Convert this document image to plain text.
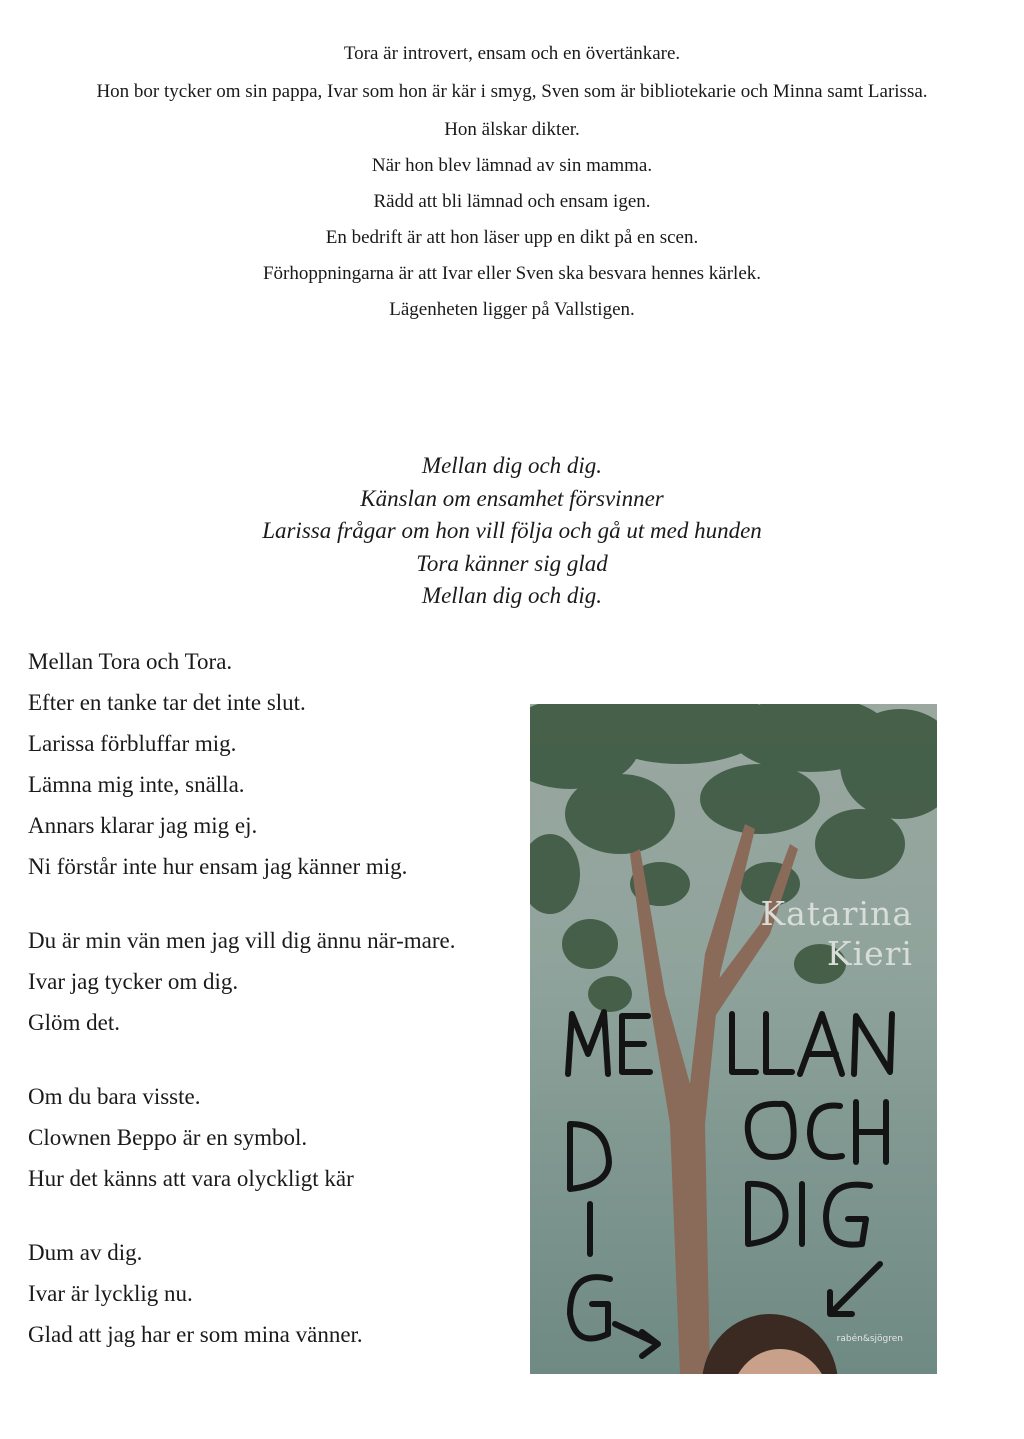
Tora är introvert, ensam och en övertänkare.

Hon bor tycker om sin pappa, Ivar som hon är kär i smyg, Sven som är bibliotekarie och Minna samt Larissa.

Hon älskar dikter.

När hon blev lämnad av sin mamma.

Rädd att bli lämnad och ensam igen.

En bedrift är att hon läser upp en dikt på en scen.

Förhoppningarna är att Ivar eller Sven ska besvara hennes kärlek.

Lägenheten ligger på Vallstigen.

Mellan dig och dig.
Känslan om ensamhet försvinner
Larissa frågar om hon vill följa och gå ut med hunden
Tora känner sig glad
Mellan dig och dig.
Mellan Tora och Tora.
Efter en tanke tar det inte slut.
Larissa förbluffar mig.
Lämna mig inte, snälla.
Annars klarar jag mig ej.
Ni förstår inte hur ensam jag känner mig.
Du är min vän men jag vill dig ännu när-mare.
Ivar jag tycker om dig.
Glöm det.
Om du bara visste.
Clownen Beppo är en symbol.
Hur det känns att vara olyckligt kär
Dum av dig.
Ivar är lycklig nu.
Glad att jag har er som mina vänner.
Katarina
Kieri
rabén&sjögren
